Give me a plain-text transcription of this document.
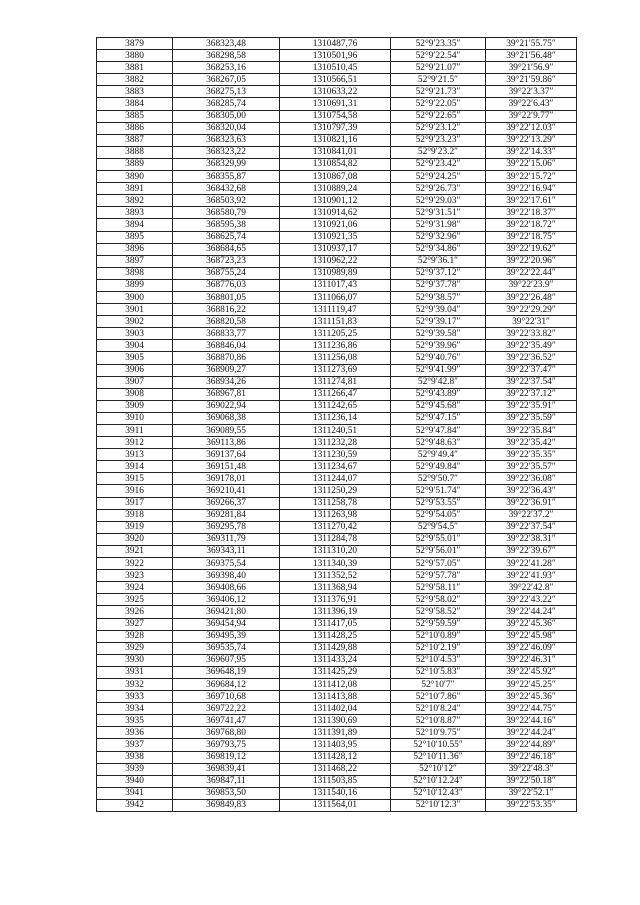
3879	368323,48	1310487,76	52°9′23.35″	39°21′55.75″
3880	368298,58	1310501,96	52°9′22.54″	39°21′56.48″
3881	368253,16	1310510,45	52°9′21.07″	39°21′56.9″
3882	368267,05	1310566,51	52°9′21.5″	39°21′59.86″
3883	368275,13	1310633,22	52°9′21.73″	39°22′3.37″
3884	368285,74	1310691,31	52°9′22.05″	39°22′6.43″
3885	368305,00	1310754,58	52°9′22.65″	39°22′9.77″
3886	368320,04	1310797,39	52°9′23.12″	39°22′12.03″
3887	368323,63	1310821,16	52°9′23.23″	39°22′13.29″
3888	368323,22	1310841,01	52°9′23.2″	39°22′14.33″
3889	368329,99	1310854,82	52°9′23.42″	39°22′15.06″
3890	368355,87	1310867,08	52°9′24.25″	39°22′15.72″
3891	368432,68	1310889,24	52°9′26.73″	39°22′16.94″
3892	368503,92	1310901,12	52°9′29.03″	39°22′17.61″
3893	368580,79	1310914,62	52°9′31.51″	39°22′18.37″
3894	368595,38	1310921,06	52°9′31.98″	39°22′18.72″
3895	368625,74	1310921,35	52°9′32.96″	39°22′18.75″
3896	368684,65	1310937,17	52°9′34.86″	39°22′19.62″
3897	368723,23	1310962,22	52°9′36.1″	39°22′20.96″
3898	368755,24	1310989,89	52°9′37.12″	39°22′22.44″
3899	368776,03	1311017,43	52°9′37.78″	39°22′23.9″
3900	368801,05	1311066,07	52°9′38.57″	39°22′26.48″
3901	368816,22	1311119,47	52°9′39.04″	39°22′29.29″
3902	368820,58	1311151,83	52°9′39.17″	39°22′31″
3903	368833,77	1311205,25	52°9′39.58″	39°22′33.82″
3904	368846,04	1311236,86	52°9′39.96″	39°22′35.49″
3905	368870,86	1311256,08	52°9′40.76″	39°22′36.52″
3906	368909,27	1311273,69	52°9′41.99″	39°22′37.47″
3907	368934,26	1311274,81	52°9′42.8″	39°22′37.54″
3908	368967,81	1311266,47	52°9′43.89″	39°22′37.12″
3909	369022,94	1311242,65	52°9′45.68″	39°22′35.91″
3910	369068,38	1311236,14	52°9′47.15″	39°22′35.59″
3911	369089,55	1311240,51	52°9′47.84″	39°22′35.84″
3912	369113,86	1311232,28	52°9′48.63″	39°22′35.42″
3913	369137,64	1311230,59	52°9′49.4″	39°22′35.35″
3914	369151,48	1311234,67	52°9′49.84″	39°22′35.57″
3915	369178,01	1311244,07	52°9′50.7″	39°22′36.08″
3916	369210,41	1311250,29	52°9′51.74″	39°22′36.43″
3917	369266,37	1311258,78	52°9′53.55″	39°22′36.91″
3918	369281,84	1311263,98	52°9′54.05″	39°22′37.2″
3919	369295,78	1311270,42	52°9′54.5″	39°22′37.54″
3920	369311,79	1311284,78	52°9′55.01″	39°22′38.31″
3921	369343,11	1311310,20	52°9′56.01″	39°22′39.67″
3922	369375,54	1311340,39	52°9′57.05″	39°22′41.28″
3923	369398,40	1311352,52	52°9′57.78″	39°22′41.93″
3924	369408,66	1311368,94	52°9′58.11″	39°22′42.8″
3925	369406,12	1311376,91	52°9′58.02″	39°22′43.22″
3926	369421,80	1311396,19	52°9′58.52″	39°22′44.24″
3927	369454,94	1311417,05	52°9′59.59″	39°22′45.36″
3928	369495,39	1311428,25	52°10′0.89″	39°22′45.98″
3929	369535,74	1311429,88	52°10′2.19″	39°22′46.09″
3930	369607,95	1311433,24	52°10′4.53″	39°22′46.31″
3931	369648,19	1311425,29	52°10′5.83″	39°22′45.92″
3932	369684,12	1311412,08	52°10′7″	39°22′45.25″
3933	369710,68	1311413,88	52°10′7.86″	39°22′45.36″
3934	369722,22	1311402,04	52°10′8.24″	39°22′44.75″
3935	369741,47	1311390,69	52°10′8.87″	39°22′44.16″
3936	369768,80	1311391,89	52°10′9.75″	39°22′44.24″
3937	369793,75	1311403,95	52°10′10.55″	39°22′44.89″
3938	369819,12	1311428,12	52°10′11.36″	39°22′46.18″
3939	369839,41	1311468,22	52°10′12″	39°22′48.3″
3940	369847,11	1311503,85	52°10′12.24″	39°22′50.18″
3941	369853,50	1311540,16	52°10′12.43″	39°22′52.1″
3942	369849,83	1311564,01	52°10′12.3″	39°22′53.35″
